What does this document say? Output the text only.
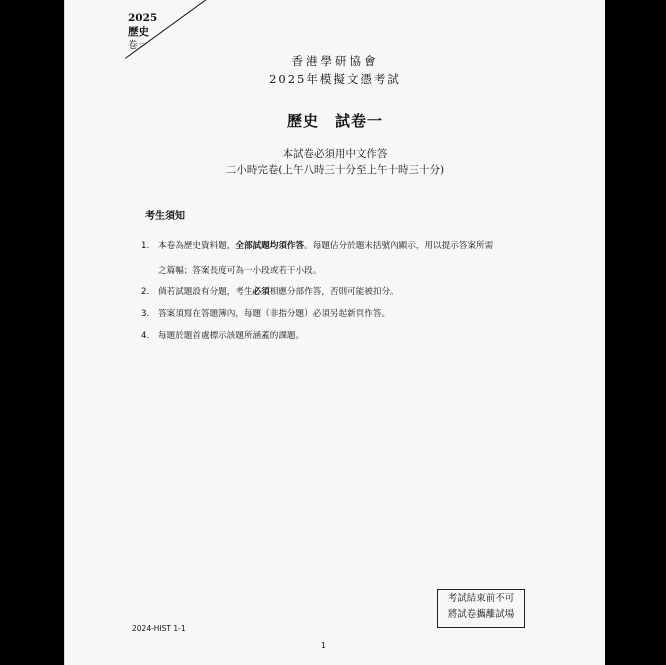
2025
歷史
卷一
香港學研協會
2025年模擬文憑考試
歷史　試卷一
本試卷必須用中文作答
二小時完卷(上午八時三十分至上午十時三十分)
考生須知
1. 本卷為歷史資料題，全部試題均須作答。每題佔分於題末括號內顯示，用以提示答案所需
之篇幅；答案長度可為一小段或若干小段。
2. 倘若試題設有分題，考生必須相應分部作答，否則可能被扣分。
3. 答案須寫在答題簿內，每題（非指分題）必須另起新頁作答。
4. 每題於題首處標示該題所涵蓋的課題。
考試結束前不可
將試卷攜離試場
2024-HIST 1-1
1
